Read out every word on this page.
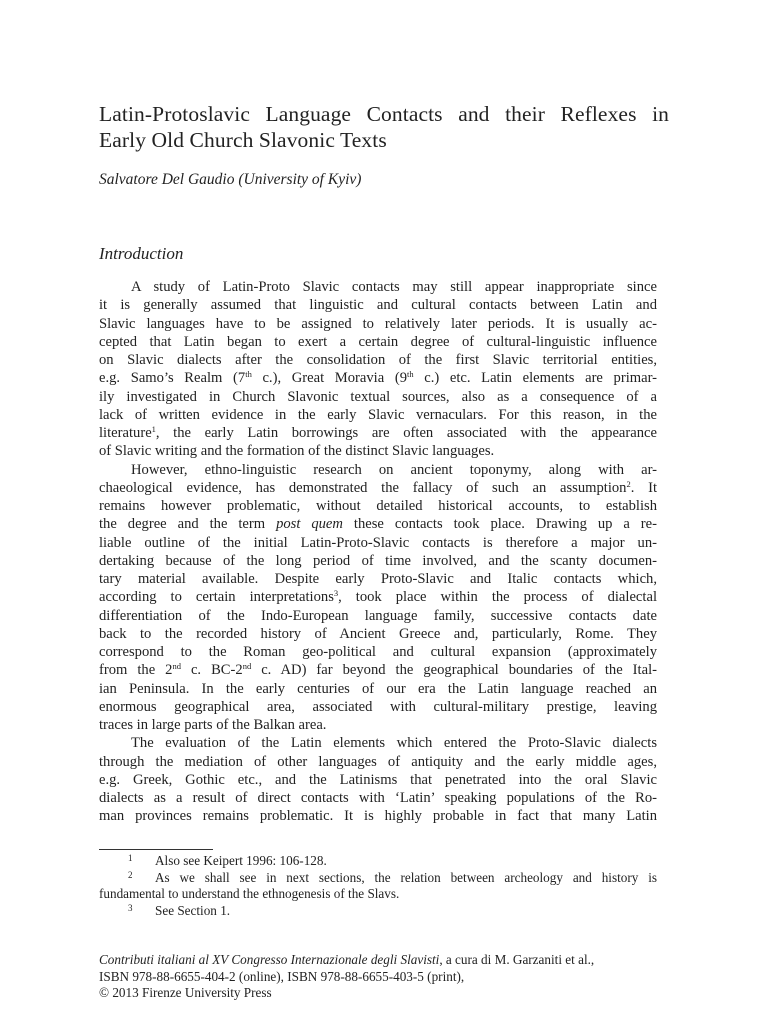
Latin-Protoslavic Language Contacts and their Reflexes in
Early Old Church Slavonic Texts

Salvatore Del Gaudio (University of Kyiv)

Introduction
A study of Latin-Proto Slavic contacts may still appear inappropriate since
it is generally assumed that linguistic and cultural contacts between Latin and
Slavic languages have to be assigned to relatively later periods. It is usually ac-
cepted that Latin began to exert a certain degree of cultural-linguistic influence
on Slavic dialects after the consolidation of the first Slavic territorial entities,
e.g. Samo’s Realm (7th c.), Great Moravia (9th c.) etc. Latin elements are primar-
ily investigated in Church Slavonic textual sources, also as a consequence of a
lack of written evidence in the early Slavic vernaculars. For this reason, in the
literature$^1$, the early Latin borrowings are often associated with the appearance
of Slavic writing and the formation of the distinct Slavic languages.
However, ethno-linguistic research on ancient toponymy, along with ar-
chaeological evidence, has demonstrated the fallacy of such an assumption$^2$. It
remains however problematic, without detailed historical accounts, to establish
the degree and the term post quem these contacts took place. Drawing up a re-
liable outline of the initial Latin-Proto-Slavic contacts is therefore a major un-
dertaking because of the long period of time involved, and the scanty documen-
tary material available. Despite early Proto-Slavic and Italic contacts which,
according to certain interpretations$^3$, took place within the process of dialectal
differentiation of the Indo-European language family, successive contacts date
back to the recorded history of Ancient Greece and, particularly, Rome. They
correspond to the Roman geo-political and cultural expansion (approximately
from the 2nd c. BC-2nd c. AD) far beyond the geographical boundaries of the Ital-
ian Peninsula. In the early centuries of our era the Latin language reached an
enormous geographical area, associated with cultural-military prestige, leaving
traces in large parts of the Balkan area.
The evaluation of the Latin elements which entered the Proto-Slavic dialects
through the mediation of other languages of antiquity and the early middle ages,
e.g. Greek, Gothic etc., and the Latinisms that penetrated into the oral Slavic
dialects as a result of direct contacts with ‘Latin’ speaking populations of the Ro-
man provinces remains problematic. It is highly probable in fact that many Latin
1 Also see Keipert 1996: 106-128.
2 As we shall see in next sections, the relation between archeology and history is
fundamental to understand the ethnogenesis of the Slavs.
3 See Section 1.
Contributi italiani al XV Congresso Internazionale degli Slavisti, a cura di M. Garzaniti et al.,
ISBN 978-88-6655-404-2 (online), ISBN 978-88-6655-403-5 (print),
© 2013 Firenze University Press
